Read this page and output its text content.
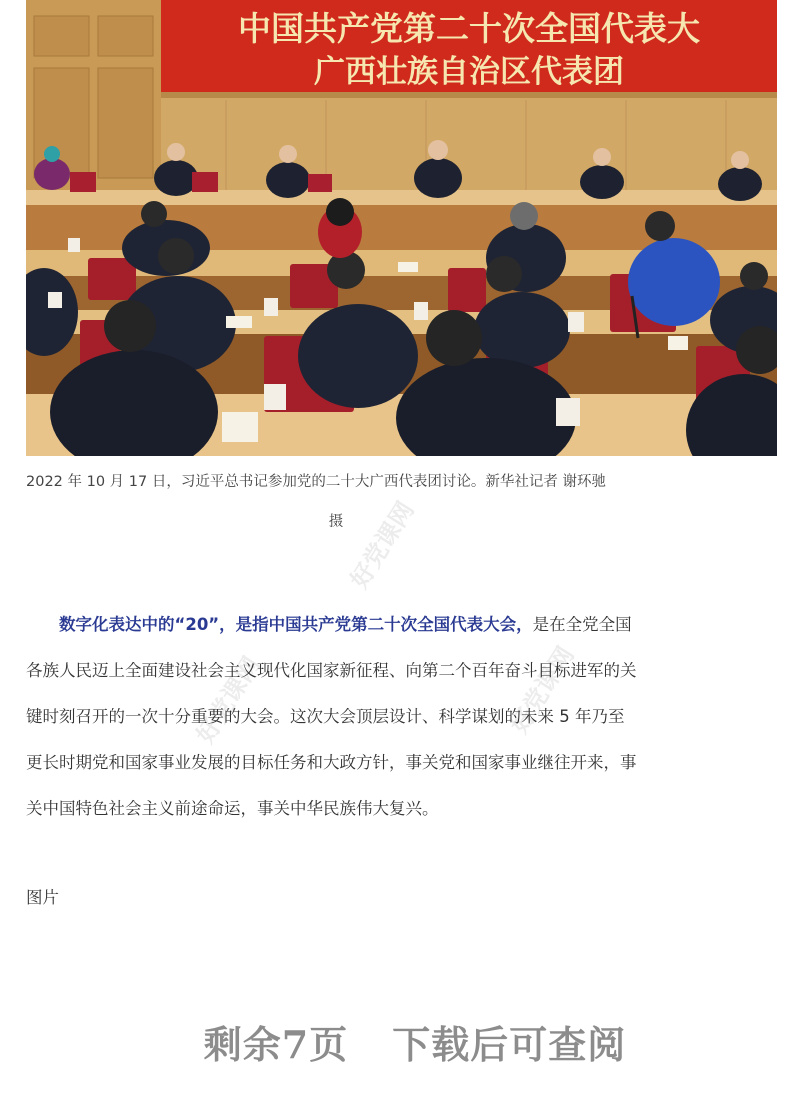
中国共产党第二十次全国代表大
广西壮族自治区代表团
2022 年 10 月 17 日，习近平总书记参加党的二十大广西代表团讨论。新华社记者 谢环驰
摄 好党课网
好党课网	好党课网

数字化表达中的“20”，是指中国共产党第二十次全国代表大会，是在全党全国各族人民迈上全面建设社会主义现代化国家新征程、向第二个百年奋斗目标进军的关键时刻召开的一次十分重要的大会。这次大会顶层设计、科学谋划的未来 5 年乃至更长时期党和国家事业发展的目标任务和大政方针，事关党和国家事业继往开来，事关中国特色社会主义前途命运，事关中华民族伟大复兴。

图片
剩余7页 下载后可查阅
